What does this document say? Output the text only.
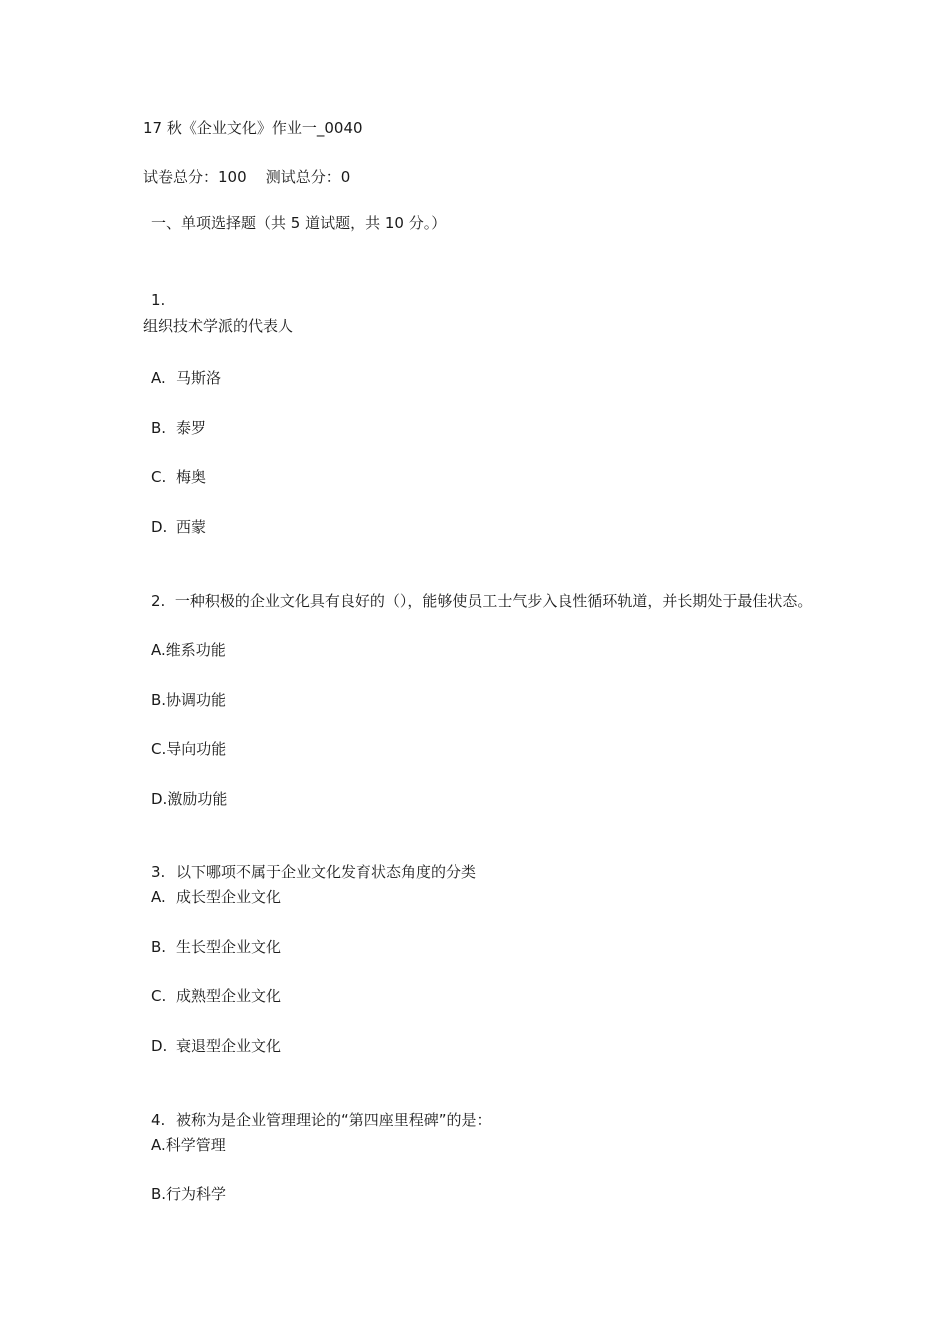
17 秋《企业文化》作业一_0040
试卷总分：100    测试总分：0
一、单项选择题（共 5 道试题，共 10 分。）
1.
组织技术学派的代表人
A. 马斯洛
B. 泰罗
C. 梅奥
D. 西蒙
2. 一种积极的企业文化具有良好的（），能够使员工士气步入良性循环轨道，并长期处于最佳状态。
A.维系功能
B.协调功能
C.导向功能
D.激励功能
3. 以下哪项不属于企业文化发育状态角度的分类
A. 成长型企业文化
B. 生长型企业文化
C. 成熟型企业文化
D. 衰退型企业文化
4. 被称为是企业管理理论的“第四座里程碑”的是：
A.科学管理
B.行为科学
